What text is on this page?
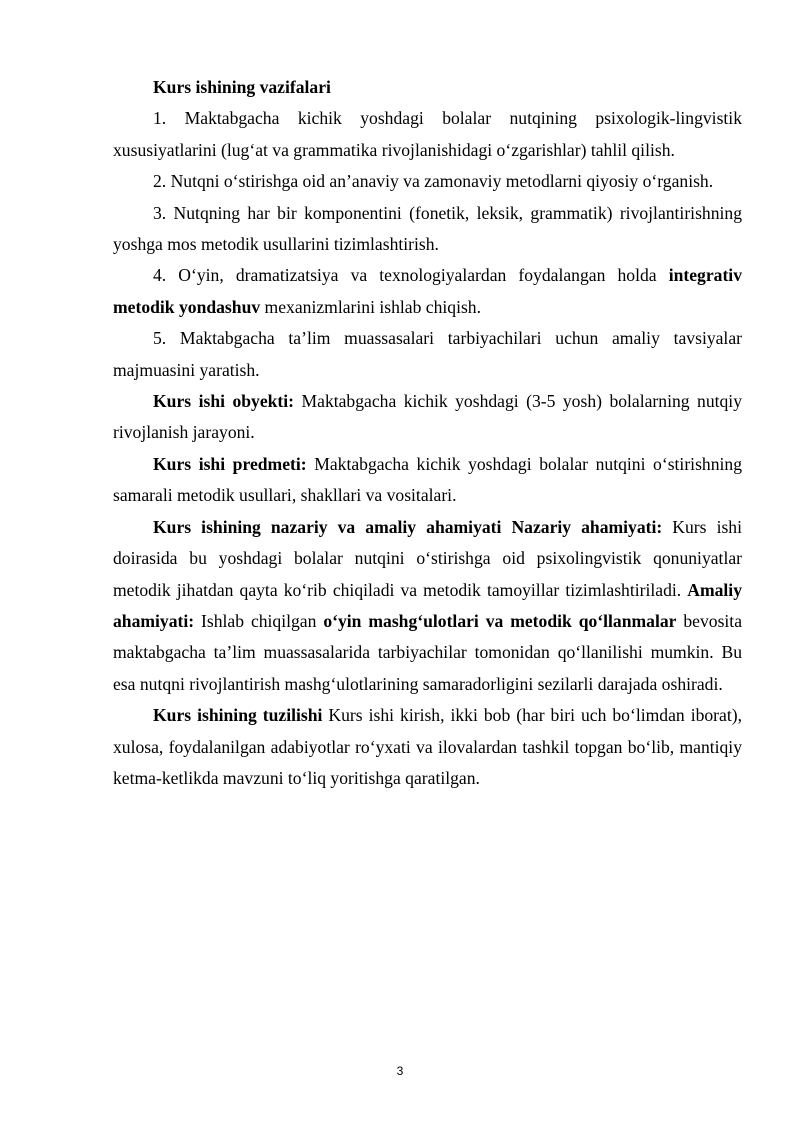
Kurs ishining vazifalari

1. Maktabgacha kichik yoshdagi bolalar nutqining psixologik-lingvistik xususiyatlarini (lug‘at va grammatika rivojlanishidagi o‘zgarishlar) tahlil qilish.

2. Nutqni o‘stirishga oid an’anaviy va zamonaviy metodlarni qiyosiy o‘rganish.

3. Nutqning har bir komponentini (fonetik, leksik, grammatik) rivojlantirishning yoshga mos metodik usullarini tizimlashtirish.

4. O‘yin, dramatizatsiya va texnologiyalardan foydalangan holda integrativ metodik yondashuv mexanizmlarini ishlab chiqish.

5. Maktabgacha ta’lim muassasalari tarbiyachilari uchun amaliy tavsiyalar majmuasini yaratish.

Kurs ishi obyekti: Maktabgacha kichik yoshdagi (3-5 yosh) bolalarning nutqiy rivojlanish jarayoni.

Kurs ishi predmeti: Maktabgacha kichik yoshdagi bolalar nutqini o‘stirishning samarali metodik usullari, shakllari va vositalari.

Kurs ishining nazariy va amaliy ahamiyati Nazariy ahamiyati: Kurs ishi doirasida bu yoshdagi bolalar nutqini o‘stirishga oid psixolingvistik qonuniyatlar metodik jihatdan qayta ko‘rib chiqiladi va metodik tamoyillar tizimlashtiriladi. Amaliy ahamiyati: Ishlab chiqilgan o‘yin mashg‘ulotlari va metodik qo‘llanmalar bevosita maktabgacha ta’lim muassasalarida tarbiyachilar tomonidan qo‘llanilishi mumkin. Bu esa nutqni rivojlantirish mashg‘ulotlarining samaradorligini sezilarli darajada oshiradi.

Kurs ishining tuzilishi Kurs ishi kirish, ikki bob (har biri uch bo‘limdan iborat), xulosa, foydalanilgan adabiyotlar ro‘yxati va ilovalardan tashkil topgan bo‘lib, mantiqiy ketma-ketlikda mavzuni to‘liq yoritishga qaratilgan.

3
